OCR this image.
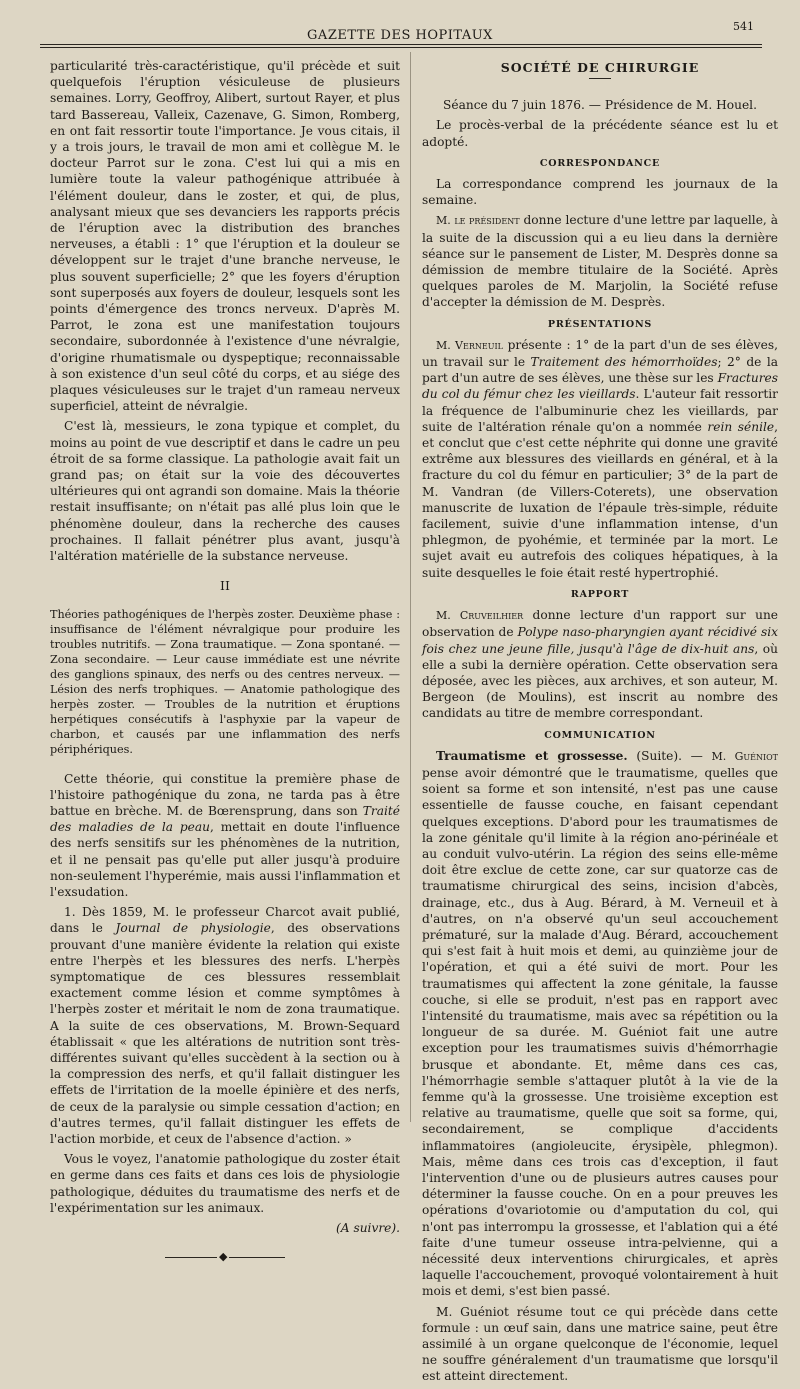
GAZETTE DES HOPITAUX
541

particularité très-caractéristique, qu'il précède et suit quelquefois l'éruption vésiculeuse de plusieurs semaines. Lorry, Geoffroy, Alibert, surtout Rayer, et plus tard Bassereau, Valleix, Cazenave, G. Simon, Romberg, en ont fait ressortir toute l'importance. Je vous citais, il y a trois jours, le travail de mon ami et collègue M. le docteur Parrot sur le zona. C'est lui qui a mis en lumière toute la valeur pathogénique attribuée à l'élément douleur, dans le zoster, et qui, de plus, analysant mieux que ses devanciers les rapports précis de l'éruption avec la distribution des branches nerveuses, a établi : 1° que l'éruption et la douleur se développent sur le trajet d'une branche nerveuse, le plus souvent superficielle; 2° que les foyers d'éruption sont superposés aux foyers de douleur, lesquels sont les points d'émergence des troncs nerveux. D'après M. Parrot, le zona est une manifestation toujours secondaire, subordonnée à l'existence d'une névralgie, d'origine rhumatismale ou dyspeptique; reconnaissable à son existence d'un seul côté du corps, et au siége des plaques vésiculeuses sur le trajet d'un rameau nerveux superficiel, atteint de névralgie.

C'est là, messieurs, le zona typique et complet, du moins au point de vue descriptif et dans le cadre un peu étroit de sa forme classique. La pathologie avait fait un grand pas; on était sur la voie des découvertes ultérieures qui ont agrandi son domaine. Mais la théorie restait insuffisante; on n'était pas allé plus loin que le phénomène douleur, dans la recherche des causes prochaines. Il fallait pénétrer plus avant, jusqu'à l'altération matérielle de la substance nerveuse.

II

Théories pathogéniques de l'herpès zoster. Deuxième phase : insuffisance de l'élément névralgique pour produire les troubles nutritifs. — Zona traumatique. — Zona spontané. — Zona secondaire. — Leur cause immédiate est une névrite des ganglions spinaux, des nerfs ou des centres nerveux. — Lésion des nerfs trophiques. — Anatomie pathologique des herpès zoster. — Troubles de la nutrition et éruptions herpétiques consécutifs à l'asphyxie par la vapeur de charbon, et causés par une inflammation des nerfs périphériques.

Cette théorie, qui constitue la première phase de l'histoire pathogénique du zona, ne tarda pas à être battue en brèche. M. de Bœrensprung, dans son Traité des maladies de la peau, mettait en doute l'influence des nerfs sensitifs sur les phénomènes de la nutrition, et il ne pensait pas qu'elle put aller jusqu'à produire non-seulement l'hyperémie, mais aussi l'inflammation et l'exsudation.

1. Dès 1859, M. le professeur Charcot avait publié, dans le Journal de physiologie, des observations prouvant d'une manière évidente la relation qui existe entre l'herpès et les blessures des nerfs. L'herpès symptomatique de ces blessures ressemblait exactement comme lésion et comme symptômes à l'herpès zoster et méritait le nom de zona traumatique. A la suite de ces observations, M. Brown-Sequard établissait « que les altérations de nutrition sont très-différentes suivant qu'elles succèdent à la section ou à la compression des nerfs, et qu'il fallait distinguer les effets de l'irritation de la moelle épinière et des nerfs, de ceux de la paralysie ou simple cessation d'action; en d'autres termes, qu'il fallait distinguer les effets de l'action morbide, et ceux de l'absence d'action. »

Vous le voyez, l'anatomie pathologique du zoster était en germe dans ces faits et dans ces lois de physiologie pathologique, déduites du traumatisme des nerfs et de l'expérimentation sur les animaux.

(A suivre).

◆
SOCIÉTÉ DE CHIRURGIE

Séance du 7 juin 1876. — Présidence de M. Houel.

Le procès-verbal de la précédente séance est lu et adopté.

CORRESPONDANCE

La correspondance comprend les journaux de la semaine.

M. le président donne lecture d'une lettre par laquelle, à la suite de la discussion qui a eu lieu dans la dernière séance sur le pansement de Lister, M. Desprès donne sa démission de membre titulaire de la Société. Après quelques paroles de M. Marjolin, la Société refuse d'accepter la démission de M. Desprès.

PRÉSENTATIONS

M. Verneuil présente : 1° de la part d'un de ses élèves, un travail sur le Traitement des hémorrhoïdes; 2° de la part d'un autre de ses élèves, une thèse sur les Fractures du col du fémur chez les vieillards. L'auteur fait ressortir la fréquence de l'albuminurie chez les vieillards, par suite de l'altération rénale qu'on a nommée rein sénile, et conclut que c'est cette néphrite qui donne une gravité extrême aux blessures des vieillards en général, et à la fracture du col du fémur en particulier; 3° de la part de M. Vandran (de Villers-Coterets), une observation manuscrite de luxation de l'épaule très-simple, réduite facilement, suivie d'une inflammation intense, d'un phlegmon, de pyohémie, et terminée par la mort. Le sujet avait eu autrefois des coliques hépatiques, à la suite desquelles le foie était resté hypertrophié.

RAPPORT

M. Cruveilhier donne lecture d'un rapport sur une observation de Polype naso-pharyngien ayant récidivé six fois chez une jeune fille, jusqu'à l'âge de dix-huit ans, où elle a subi la dernière opération. Cette observation sera déposée, avec les pièces, aux archives, et son auteur, M. Bergeon (de Moulins), est inscrit au nombre des candidats au titre de membre correspondant.

COMMUNICATION

Traumatisme et grossesse. (Suite). — M. Guéniot pense avoir démontré que le traumatisme, quelles que soient sa forme et son intensité, n'est pas une cause essentielle de fausse couche, en faisant cependant quelques exceptions. D'abord pour les traumatismes de la zone génitale qu'il limite à la région ano-périnéale et au conduit vulvo-utérin. La région des seins elle-même doit être exclue de cette zone, car sur quatorze cas de traumatisme chirurgical des seins, incision d'abcès, drainage, etc., dus à Aug. Bérard, à M. Verneuil et à d'autres, on n'a observé qu'un seul accouchement prématuré, sur la malade d'Aug. Bérard, accouchement qui s'est fait à huit mois et demi, au quinzième jour de l'opération, et qui a été suivi de mort. Pour les traumatismes qui affectent la zone génitale, la fausse couche, si elle se produit, n'est pas en rapport avec l'intensité du traumatisme, mais avec sa répétition ou la longueur de sa durée. M. Guéniot fait une autre exception pour les traumatismes suivis d'hémorrhagie brusque et abondante. Et, même dans ces cas, l'hémorrhagie semble s'attaquer plutôt à la vie de la femme qu'à la grossesse. Une troisième exception est relative au traumatisme, quelle que soit sa forme, qui, secondairement, se complique d'accidents inflammatoires (angioleucite, érysipèle, phlegmon). Mais, même dans ces trois cas d'exception, il faut l'intervention d'une ou de plusieurs autres causes pour déterminer la fausse couche. On en a pour preuves les opérations d'ovariotomie ou d'amputation du col, qui n'ont pas interrompu la grossesse, et l'ablation qui a été faite d'une tumeur osseuse intra-pelvienne, qui a nécessité deux interventions chirurgicales, et après laquelle l'accouchement, provoqué volontairement à huit mois et demi, s'est bien passé.

M. Guéniot résume tout ce qui précède dans cette formule : un œuf sain, dans une matrice saine, peut être assimilé à un organe quelconque de l'économie, lequel ne souffre généralement d'un traumatisme que lorsqu'il est atteint directement.
